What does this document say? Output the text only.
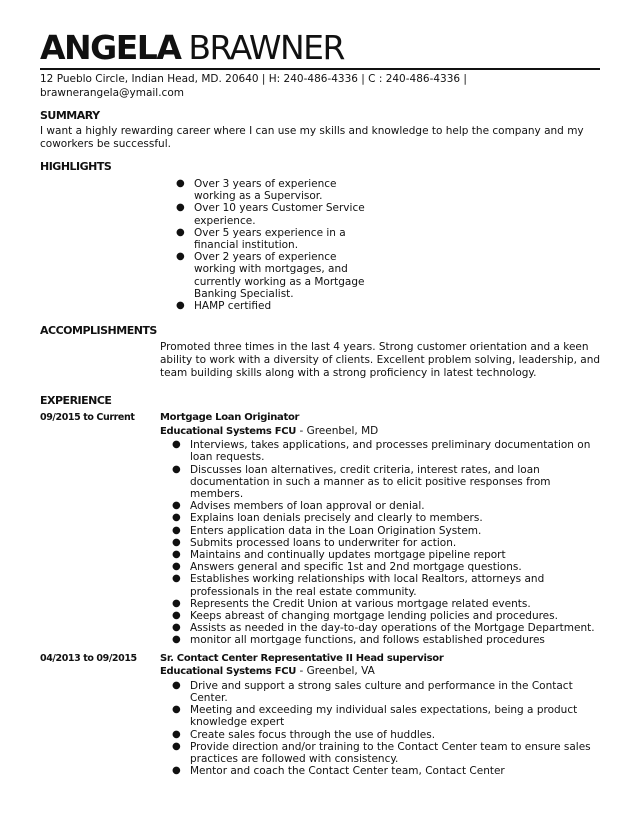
ANGELA BRAWNER
12 Pueblo Circle, Indian Head, MD. 20640 | H: 240-486-4336 | C : 240-486-4336 |
brawnerangela@ymail.com
SUMMARY
I want a highly rewarding career where I can use my skills and knowledge to help the company and my coworkers be successful.
HIGHLIGHTS
● Over 3 years of experience working as a Supervisor.
● Over 10 years Customer Service experience.
● Over 5 years experience in a financial institution.
● Over 2 years of experience working with mortgages, and currently working as a Mortgage Banking Specialist.
● HAMP certified
ACCOMPLISHMENTS
Promoted three times in the last 4 years. Strong customer orientation and a keen ability to work with a diversity of clients. Excellent problem solving, leadership, and team building skills along with a strong proficiency in latest technology.
EXPERIENCE
09/2015 to Current	Mortgage Loan Originator
Educational Systems FCU - Greenbel, MD
● Interviews, takes applications, and processes preliminary documentation on loan requests.
● Discusses loan alternatives, credit criteria, interest rates, and loan documentation in such a manner as to elicit positive responses from members.
● Advises members of loan approval or denial.
● Explains loan denials precisely and clearly to members.
● Enters application data in the Loan Origination System.
● Submits processed loans to underwriter for action.
● Maintains and continually updates mortgage pipeline report
● Answers general and specific 1st and 2nd mortgage questions.
● Establishes working relationships with local Realtors, attorneys and professionals in the real estate community.
● Represents the Credit Union at various mortgage related events.
● Keeps abreast of changing mortgage lending policies and procedures.
● Assists as needed in the day-to-day operations of the Mortgage Department.
● monitor all mortgage functions, and follows established procedures
04/2013 to 09/2015	Sr. Contact Center Representative II Head supervisor
Educational Systems FCU - Greenbel, VA
● Drive and support a strong sales culture and performance in the Contact Center.
● Meeting and exceeding my individual sales expectations, being a product knowledge expert
● Create sales focus through the use of huddles.
● Provide direction and/or training to the Contact Center team to ensure sales practices are followed with consistency.
● Mentor and coach the Contact Center team, Contact Center
